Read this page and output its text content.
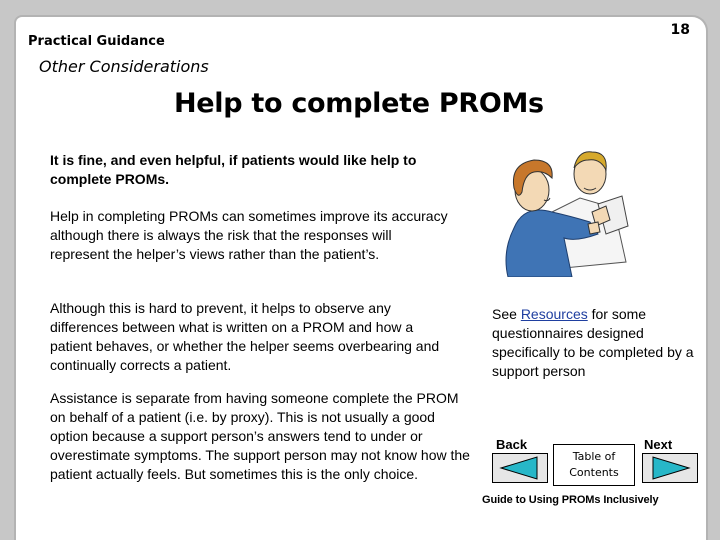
18
Practical Guidance
Other Considerations
Help to complete PROMs

It is fine, and even helpful, if patients would like help to complete PROMs.

Help in completing PROMs can sometimes improve its accuracy although there is always the risk that the responses will represent the helper’s views rather than the patient’s.

Although this is hard to prevent, it helps to observe any differences between what is written on a PROM and how a patient behaves, or whether the helper seems overbearing and continually corrects a patient.

Assistance is separate from having someone complete the PROM on behalf of a patient (i.e. by proxy). This is not usually a good option because a support person’s answers tend to under or overestimate symptoms. The support person may not know how the patient actually feels. But sometimes this is the only choice.

See Resources for some questionnaires designed specifically to be completed by a support person
Back
Table of
Contents
Next
Guide to Using PROMs Inclusively
